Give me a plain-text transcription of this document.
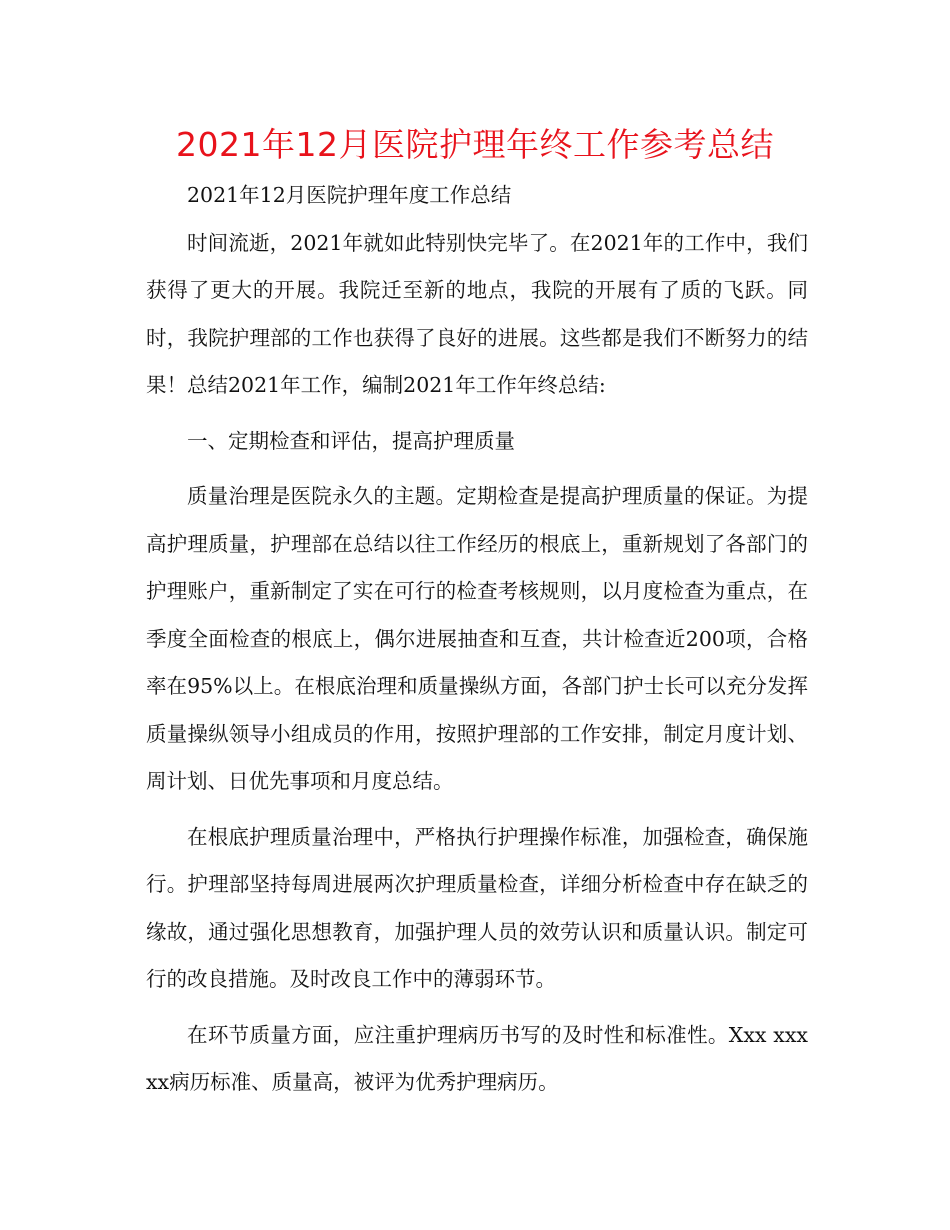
2021年12月医院护理年终工作参考总结

2021年12月医院护理年度工作总结

时间流逝，2021年就如此特别快完毕了。在2021年的工作中，我们获得了更大的开展。我院迁至新的地点，我院的开展有了质的飞跃。同时，我院护理部的工作也获得了良好的进展。这些都是我们不断努力的结果！总结2021年工作，编制2021年工作年终总结:

一、定期检查和评估，提高护理质量

质量治理是医院永久的主题。定期检查是提高护理质量的保证。为提高护理质量，护理部在总结以往工作经历的根底上，重新规划了各部门的护理账户，重新制定了实在可行的检查考核规则，以月度检查为重点，在季度全面检查的根底上，偶尔进展抽查和互查，共计检查近200项，合格率在95%以上。在根底治理和质量操纵方面，各部门护士长可以充分发挥质量操纵领导小组成员的作用，按照护理部的工作安排，制定月度计划、周计划、日优先事项和月度总结。

在根底护理质量治理中，严格执行护理操作标准，加强检查，确保施行。护理部坚持每周进展两次护理质量检查，详细分析检查中存在缺乏的缘故，通过强化思想教育，加强护理人员的效劳认识和质量认识。制定可行的改良措施。及时改良工作中的薄弱环节。

在环节质量方面，应注重护理病历书写的及时性和标准性。Xxx xxx xx病历标准、质量高，被评为优秀护理病历。
